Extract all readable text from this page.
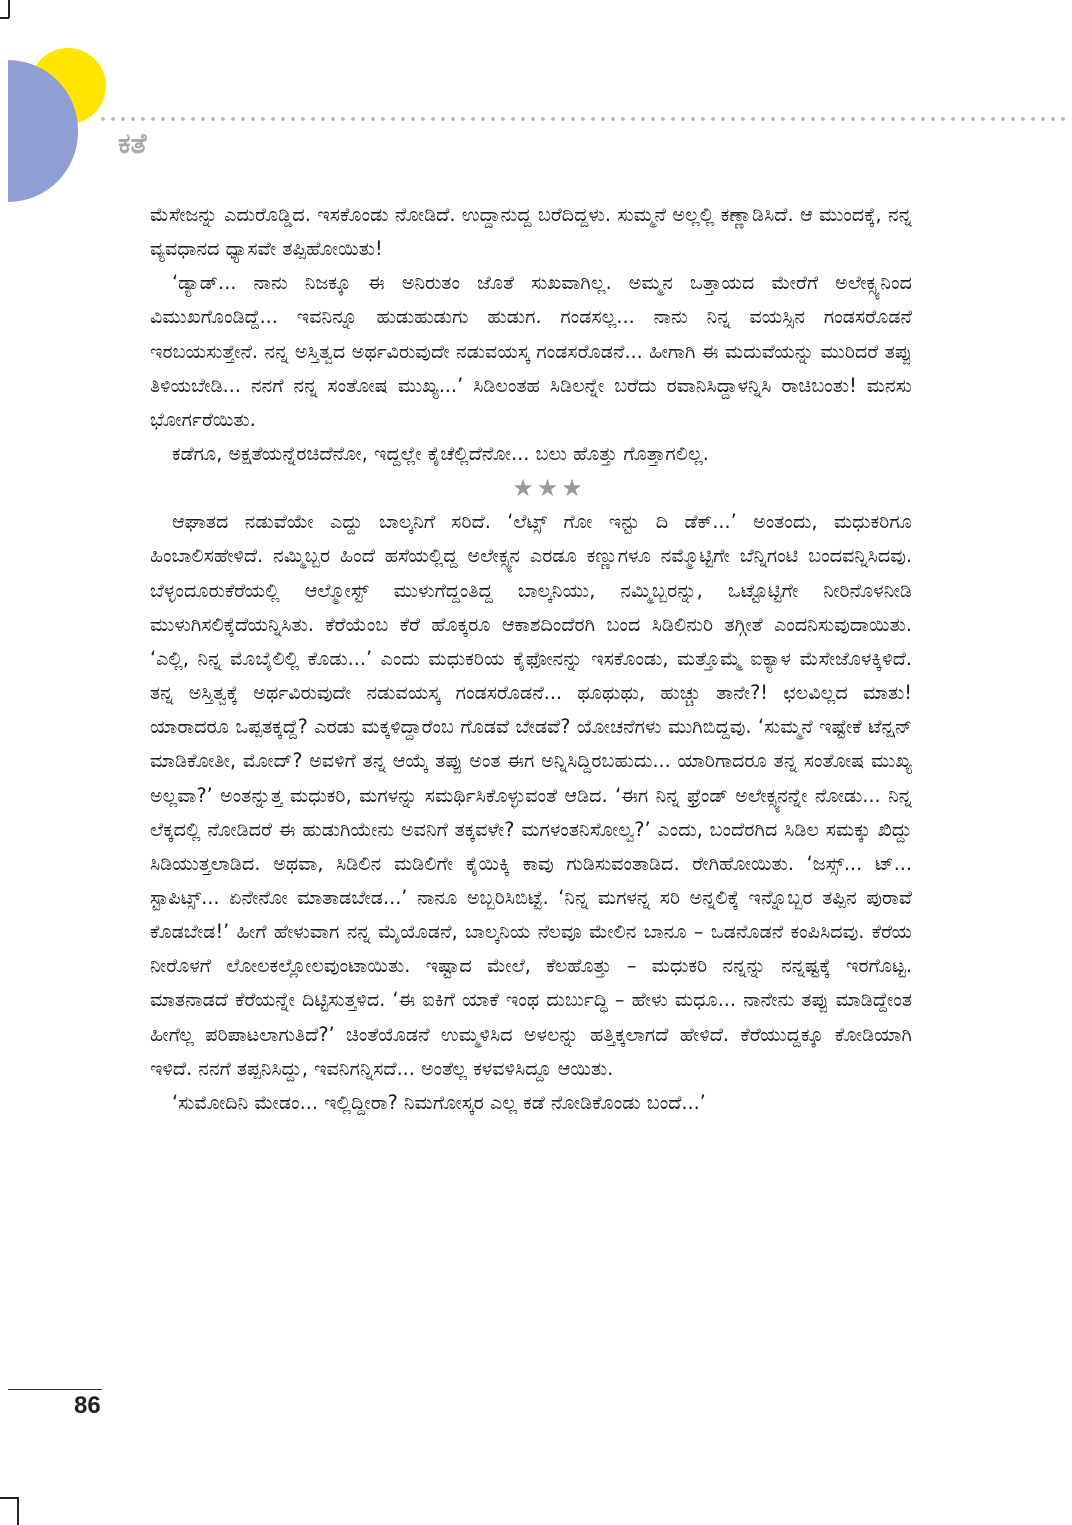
ಕತೆ

ಮೆಸೇಜನ್ನು ಎದುರೊಡ್ಡಿದ. ಇಸಕೊಂಡು ನೋಡಿದೆ. ಉದ್ದಾನುದ್ದ ಬರೆದಿದ್ದಳು. ಸುಮ್ಮನೆ ಅಲ್ಲಲ್ಲಿ ಕಣ್ಣಾಡಿಸಿದೆ. ಆ ಮುಂದಕ್ಕೆ, ನನ್ನ ವ್ಯವಧಾನದ ಧ್ಯಾಸವೇ ತಪ್ಪಿಹೋಯಿತು!

‘ಡ್ಯಾಡ್... ನಾನು ನಿಜಕ್ಕೂ ಈ ಅನಿರುತಂ ಜೊತೆ ಸುಖವಾಗಿಲ್ಲ. ಅಮ್ಮನ ಒತ್ತಾಯದ ಮೇರೆಗೆ ಅಲೇಕ್ಸ್ಯನಿಂದ ವಿಮುಖಗೊಂಡಿದ್ದೆ... ಇವನಿನ್ನೂ ಹುಡುಹುಡುಗು ಹುಡುಗ. ಗಂಡಸಲ್ಲ... ನಾನು ನಿನ್ನ ವಯಸ್ಸಿನ ಗಂಡಸರೊಡನೆ ಇರಬಯಸುತ್ತೇನೆ. ನನ್ನ ಅಸ್ತಿತ್ವದ ಅರ್ಥವಿರುವುದೇ ನಡುವಯಸ್ಕ ಗಂಡಸರೊಡನೆ... ಹೀಗಾಗಿ ಈ ಮದುವೆಯನ್ನು ಮುರಿದರೆ ತಪ್ಪು ತಿಳಿಯಬೇಡಿ... ನನಗೆ ನನ್ನ ಸಂತೋಷ ಮುಖ್ಯ...’ ಸಿಡಿಲಂತಹ ಸಿಡಿಲನ್ನೇ ಬರೆದು ರವಾನಿಸಿದ್ದಾಳನ್ನಿಸಿ ರಾಚಿಬಂತು! ಮನಸು ಭೋರ್ಗರೆಯಿತು.

ಕಡೆಗೂ, ಅಕ್ಷತೆಯನ್ನೆರಚಿದೆನೋ, ಇದ್ದಲ್ಲೇ ಕೈಚೆಲ್ಲಿದೆನೋ... ಬಲು ಹೊತ್ತು ಗೊತ್ತಾಗಲಿಲ್ಲ.

★★★

ಆಘಾತದ ನಡುವೆಯೇ ಎದ್ದು ಬಾಲ್ಕನಿಗೆ ಸರಿದೆ. ‘ಲೆಟ್ಸ್ ಗೋ ಇನ್ಟು ದಿ ಡೆಕ್...’ ಅಂತಂದು, ಮಧುಕರಿಗೂ ಹಿಂಬಾಲಿಸಹೇಳಿದೆ. ನಮ್ಮಿಬ್ಬರ ಹಿಂದೆ ಹಸೆಯಲ್ಲಿದ್ದ ಅಲೇಕ್ಸ್ಯನ ಎರಡೂ ಕಣ್ಣುಗಳೂ ನಮ್ಮೊಟ್ಟಿಗೇ ಬೆನ್ನಿಗಂಟಿ ಬಂದವನ್ನಿಸಿದವು. ಬೆಳ್ಳಂದೂರುಕೆರೆಯಲ್ಲಿ ಆಲ್ಮೋಸ್ಟ್ ಮುಳುಗೆದ್ದಂತಿದ್ದ ಬಾಲ್ಕನಿಯು, ನಮ್ಮಿಬ್ಬರನ್ನು, ಒಟ್ಟೊಟ್ಟಿಗೇ ನೀರಿನೊಳನೀಡಿ ಮುಳುಗಿಸಲಿಕ್ಕೆದೆಯನ್ನಿಸಿತು. ಕೆರೆಯೆಂಬ ಕೆರೆ ಹೊಕ್ಕರೂ ಆಕಾಶದಿಂದೆರಗಿ ಬಂದ ಸಿಡಿಲಿನುರಿ ತಗ್ಗೀತೆ ಎಂದನಿಸುವುದಾಯಿತು. ‘ಎಲ್ಲಿ, ನಿನ್ನ ಮೊಬೈಲಿಲ್ಲಿ ಕೊಡು...’ ಎಂದು ಮಧುಕರಿಯ ಕೈಫೋನನ್ನು ಇಸಕೊಂಡು, ಮತ್ತೊಮ್ಮೆ ಐಕ್ಯಾಳ ಮೆಸೇಜೊಳಕ್ಕಿಳಿದೆ. ತನ್ನ ಅಸ್ತಿತ್ವಕ್ಕೆ ಅರ್ಥವಿರುವುದೇ ನಡುವಯಸ್ಕ ಗಂಡಸರೊಡನೆ... ಥೂಥುಥು, ಹುಚ್ಚು ತಾನೇ?! ಛಲವಿಲ್ಲದ ಮಾತು! ಯಾರಾದರೂ ಒಪ್ಪತಕ್ಕದ್ದೆ? ಎರಡು ಮಕ್ಕಳಿದ್ದಾರೆಂಬ ಗೊಡವೆ ಬೇಡವೆ? ಯೋಚನೆಗಳು ಮುಗಿಬಿದ್ದವು. ‘ಸುಮ್ಮನೆ ಇಷ್ಟೇಕೆ ಟೆನ್ಷನ್ ಮಾಡಿಕೋತೀ, ಮೋದ್? ಅವಳಿಗೆ ತನ್ನ ಆಯ್ಕೆ ತಪ್ಪು ಅಂತ ಈಗ ಅನ್ನಿಸಿದ್ದಿರಬಹುದು... ಯಾರಿಗಾದರೂ ತನ್ನ ಸಂತೋಷ ಮುಖ್ಯ ಅಲ್ಲವಾ?’ ಅಂತನ್ನುತ್ತ ಮಧುಕರಿ, ಮಗಳನ್ನು ಸಮರ್ಥಿಸಿಕೊಳ್ಳುವಂತೆ ಆಡಿದ. ‘ಈಗ ನಿನ್ನ ಫ್ರೆಂಡ್ ಅಲೇಕ್ಸ್ಯನನ್ನೇ ನೋಡು... ನಿನ್ನ ಲೆಕ್ಕದಲ್ಲಿ ನೋಡಿದರೆ ಈ ಹುಡುಗಿಯೇನು ಅವನಿಗೆ ತಕ್ಕವಳೇ? ಮಗಳಂತನಿಸೋಲ್ವ?’ ಎಂದು, ಬಂದೆರಗಿದ ಸಿಡಿಲ ಸಮಕ್ಕು ಖಿದ್ದು ಸಿಡಿಯುತ್ತಲಾಡಿದ. ಅಥವಾ, ಸಿಡಿಲಿನ ಮಡಿಲಿಗೇ ಕೈಯಿಕ್ಕಿ ಕಾವು ಗುಡಿಸುವಂತಾಡಿದ. ರೇಗಿಹೋಯಿತು. ‘ಜಸ್ಸ್... ಟ್... ಸ್ಟಾಪಿಟ್ಸ್... ಏನೇನೋ ಮಾತಾಡಬೇಡ...’ ನಾನೂ ಅಬ್ಬರಿಸಿಬಿಟ್ಟೆ. ‘ನಿನ್ನ ಮಗಳನ್ನ ಸರಿ ಅನ್ನಲಿಕ್ಕೆ ಇನ್ನೊಬ್ಬರ ತಪ್ಪಿನ ಪುರಾವೆ ಕೊಡಬೇಡ!’ ಹೀಗೆ ಹೇಳುವಾಗ ನನ್ನ ಮೈಯೊಡನೆ, ಬಾಲ್ಕನಿಯ ನೆಲವೂ ಮೇಲಿನ ಬಾನೂ – ಒಡನೊಡನೆ ಕಂಪಿಸಿದವು. ಕೆರೆಯ ನೀರೊಳಗೆ ಲೋಲಕಲ್ಲೋಲವುಂಟಾಯಿತು. ಇಷ್ಟಾದ ಮೇಲೆ, ಕೆಲಹೊತ್ತು – ಮಧುಕರಿ ನನ್ನನ್ನು ನನ್ನಷ್ಟಕ್ಕೆ ಇರಗೊಟ್ಟ. ಮಾತನಾಡದೆ ಕೆರೆಯನ್ನೇ ದಿಟ್ಟಿಸುತ್ತಳಿದ. ‘ಈ ಐಕಿಗೆ ಯಾಕೆ ಇಂಥ ದುರ್ಬುದ್ಧಿ – ಹೇಳು ಮಧೂ... ನಾನೇನು ತಪ್ಪು ಮಾಡಿದ್ದೇಂತ ಹೀಗೆಲ್ಲ ಪರಿಪಾಟಲಾಗುತಿದೆ?’ ಚಿಂತೆಯೊಡನೆ ಉಮ್ಮಳಿಸಿದ ಅಳಲನ್ನು ಹತ್ತಿಕ್ಕಲಾಗದೆ ಹೇಳಿದೆ. ಕೆರೆಯುದ್ದಕ್ಕೂ ಕೋಡಿಯಾಗಿ ಇಳಿದೆ. ನನಗೆ ತಪ್ಪನಿಸಿದ್ದು, ಇವನಿಗನ್ನಿಸದೆ... ಅಂತೆಲ್ಲ ಕಳವಳಿಸಿದ್ದೂ ಆಯಿತು.

‘ಸುಮೋದಿನಿ ಮೇಡಂ... ಇಲ್ಲಿದ್ದೀರಾ? ನಿಮಗೋಸ್ಕರ ಎಲ್ಲ ಕಡೆ ನೋಡಿಕೊಂಡು ಬಂದೆ...’

86
